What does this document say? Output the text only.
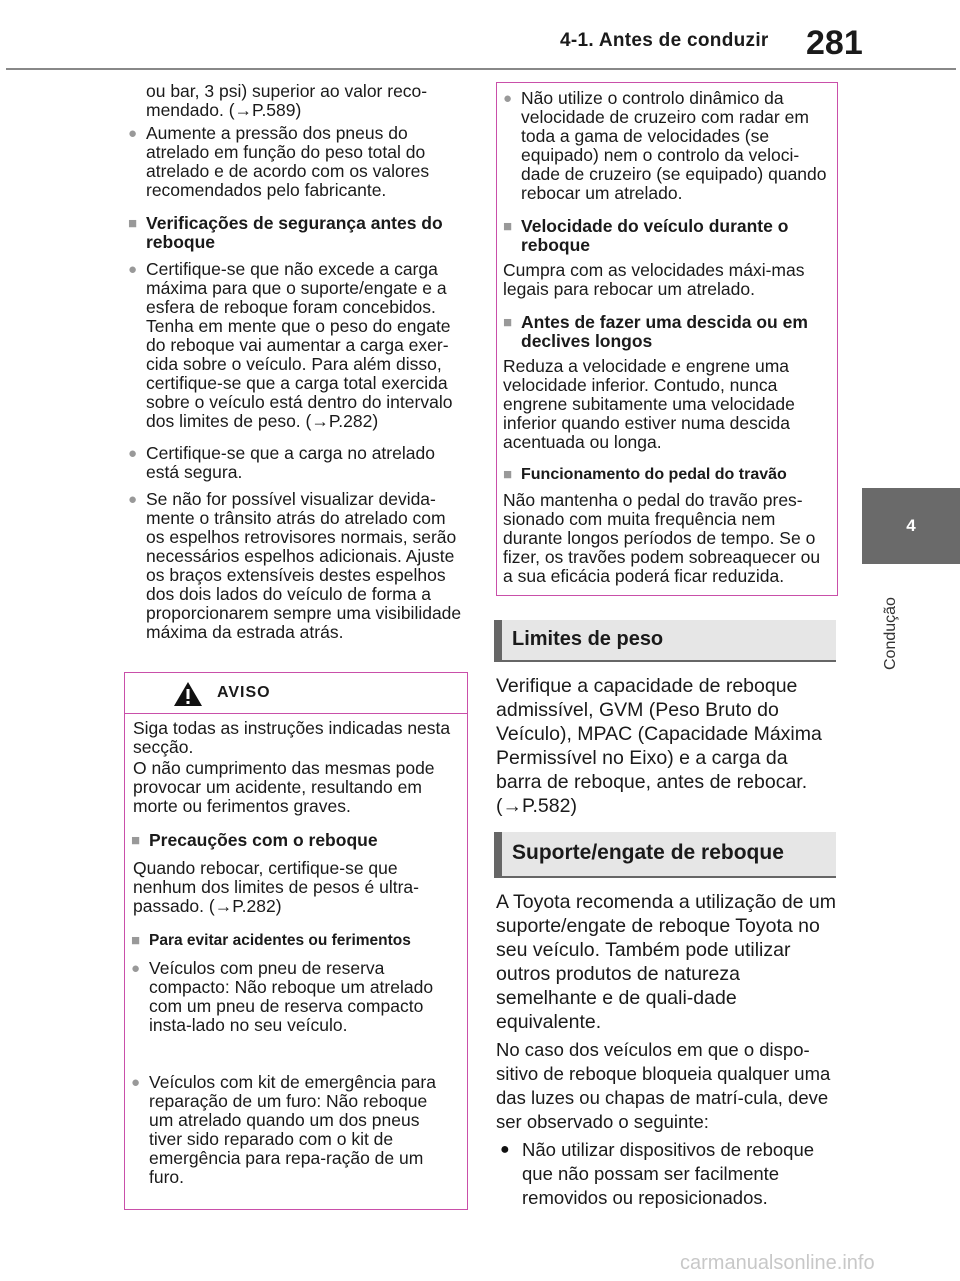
4-1. Antes de conduzir 281
4
Condução
ou bar, 3 psi) superior ao valor reco-mendado. (→P.589)
● Aumente a pressão dos pneus do atrelado em função do peso total do atrelado e de acordo com os valores recomendados pelo fabricante.
■ Verificações de segurança antes do reboque
● Certifique-se que não excede a carga máxima para que o suporte/engate e a esfera de reboque foram concebidos. Tenha em mente que o peso do engate do reboque vai aumentar a carga exer-cida sobre o veículo. Para além disso, certifique-se que a carga total exercida sobre o veículo está dentro do intervalo dos limites de peso. (→P.282)
● Certifique-se que a carga no atrelado está segura.
● Se não for possível visualizar devida-mente o trânsito atrás do atrelado com os espelhos retrovisores normais, serão necessários espelhos adicionais. Ajuste os braços extensíveis destes espelhos dos dois lados do veículo de forma a proporcionarem sempre uma visibilidade máxima da estrada atrás.
AVISO
Siga todas as instruções indicadas nesta secção.
O não cumprimento das mesmas pode provocar um acidente, resultando em morte ou ferimentos graves.
■ Precauções com o reboque
Quando rebocar, certifique-se que nenhum dos limites de pesos é ultra-passado. (→P.282)
■ Para evitar acidentes ou ferimentos
● Veículos com pneu de reserva compacto: Não reboque um atrelado com um pneu de reserva compacto insta-lado no seu veículo.
● Veículos com kit de emergência para reparação de um furo: Não reboque um atrelado quando um dos pneus tiver sido reparado com o kit de emergência para repa-ração de um furo.
● Não utilize o controlo dinâmico da velocidade de cruzeiro com radar em toda a gama de velocidades (se equipado) nem o controlo da veloci-dade de cruzeiro (se equipado) quando rebocar um atrelado.
■ Velocidade do veículo durante o reboque
Cumpra com as velocidades máxi-mas legais para rebocar um atrelado.
■ Antes de fazer uma descida ou em declives longos
Reduza a velocidade e engrene uma velocidade inferior. Contudo, nunca engrene subitamente uma velocidade inferior quando estiver numa descida acentuada ou longa.
■ Funcionamento do pedal do travão
Não mantenha o pedal do travão pres-sionado com muita frequência nem durante longos períodos de tempo. Se o fizer, os travões podem sobreaquecer ou a sua eficácia poderá ficar reduzida.
Limites de peso
Verifique a capacidade de reboque admissível, GVM (Peso Bruto do Veículo), MPAC (Capacidade Máxima Permissível no Eixo) e a carga da barra de reboque, antes de rebocar. (→P.582)
Suporte/engate de reboque
A Toyota recomenda a utilização de um suporte/engate de reboque Toyota no seu veículo. Também pode utilizar outros produtos de natureza semelhante e de quali-dade equivalente.
No caso dos veículos em que o dispo-sitivo de reboque bloqueia qualquer uma das luzes ou chapas de matrí-cula, deve ser observado o seguinte:
● Não utilizar dispositivos de reboque que não possam ser facilmente removidos ou reposicionados.
carmanualsonline.info
